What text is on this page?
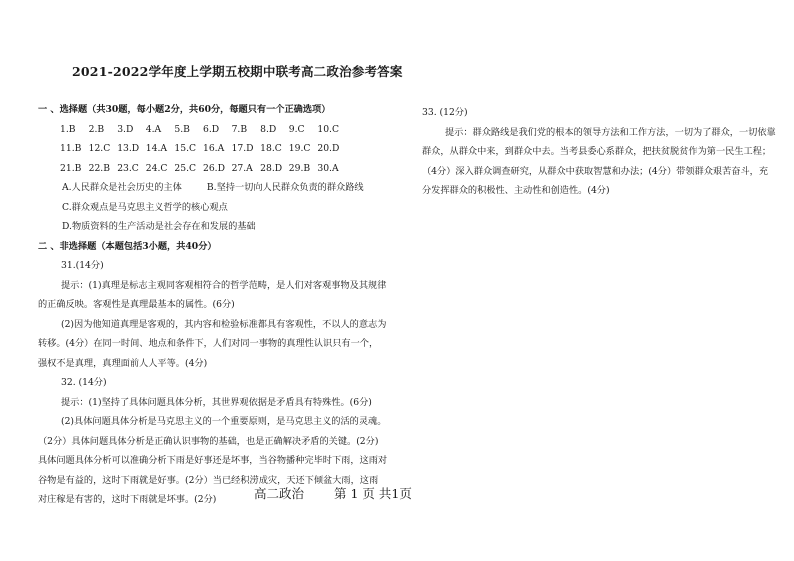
2021-2022学年度上学期五校期中联考高二政治参考答案
一 、选择题（共30题，每小题2分，共60分，每题只有一个正确选项）
1.B	2.B	3.D	4.A	5.B	6.D	7.B	8.D	9.C	10.C
11.B 12.C 13.D 14.A 15.C 16.A 17.D 18.C 19.C 20.D
21.B 22.B 23.C 24.C 25.C 26.D 27.A 28.D 29.B 30.A
A.人民群众是社会历史的主体	B.坚持一切向人民群众负责的群众路线
C.群众观点是马克思主义哲学的核心观点
D.物质资料的生产活动是社会存在和发展的基础
二 、非选择题（本题包括3小题，共40分）
31.(14分)
提示：(1)真理是标志主观同客观相符合的哲学范畴，是人们对客观事物及其规律
的正确反映。客观性是真理最基本的属性。(6分)
(2)因为他知道真理是客观的，其内容和检验标准都具有客观性，不以人的意志为
转移。(4分）在同一时间、地点和条件下，人们对同一事物的真理性认识只有一个，
强权不是真理，真理面前人人平等。(4分)
32. (14分)
提示：(1)坚持了具体问题具体分析，其世界观依据是矛盾具有特殊性。(6分)
(2)具体问题具体分析是马克思主义的一个重要原则，是马克思主义的活的灵魂。
（2分）具体问题具体分析是正确认识事物的基础，也是正确解决矛盾的关键。(2分)
具体问题具体分析可以准确分析下雨是好事还是坏事，当谷物播种完毕时下雨，这雨对
谷物是有益的，这时下雨就是好事。(2分）当已经积涝成灾，天还下倾盆大雨，这雨
对庄稼是有害的，这时下雨就是坏事。(2分)
33. (12分)
提示：群众路线是我们党的根本的领导方法和工作方法，一切为了群众，一切依靠
群众，从群众中来，到群众中去。当考县委心系群众，把扶贫脱贫作为第一民生工程；
（4分）深入群众调查研究，从群众中获取智慧和办法；(4分）带领群众艰苦奋斗，充
分发挥群众的积极性、主动性和创造性。(4分)
高二政治 第 1 页 共1页
